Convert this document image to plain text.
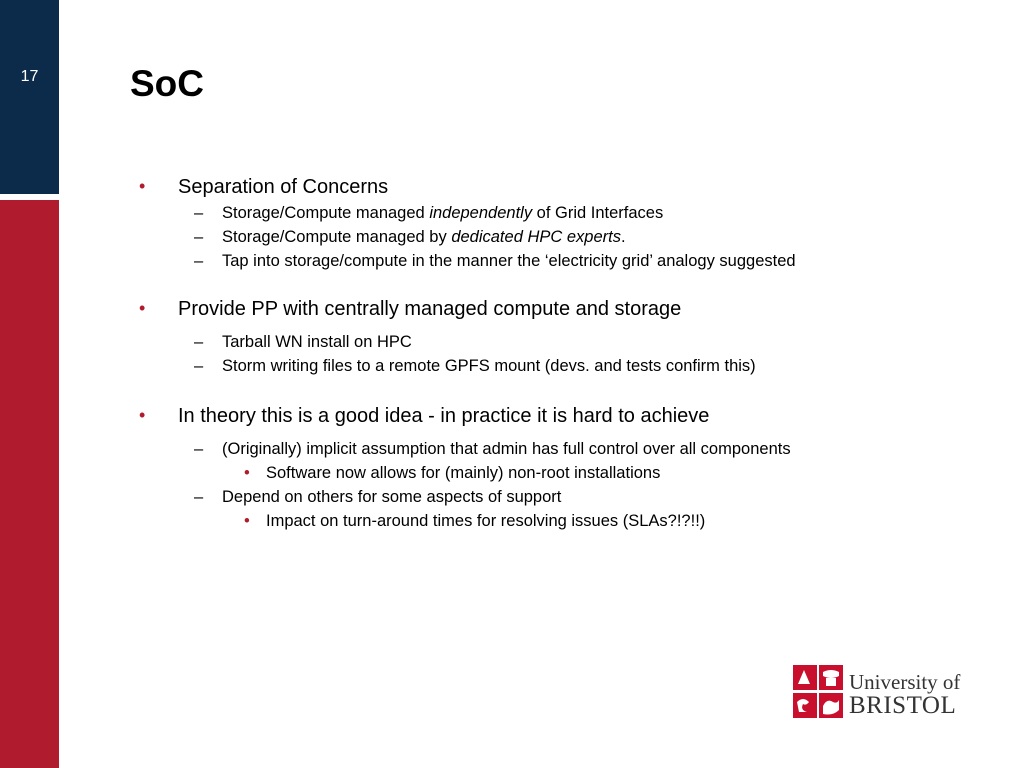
17	SoC
• Separation of Concerns
– Storage/Compute managed independently of Grid Interfaces
– Storage/Compute managed by dedicated HPC experts.
– Tap into storage/compute in the manner the ‘electricity grid’ analogy suggested
• Provide PP with centrally managed compute and storage
– Tarball WN install on HPC
– Storm writing files to a remote GPFS mount (devs. and tests confirm this)
• In theory this is a good idea - in practice it is hard to achieve
– (Originally) implicit assumption that admin has full control over all components
• Software now allows for (mainly) non-root installations
– Depend on others for some aspects of support
• Impact on turn-around times for resolving issues (SLAs?!?!!)
University of
BRISTOL
